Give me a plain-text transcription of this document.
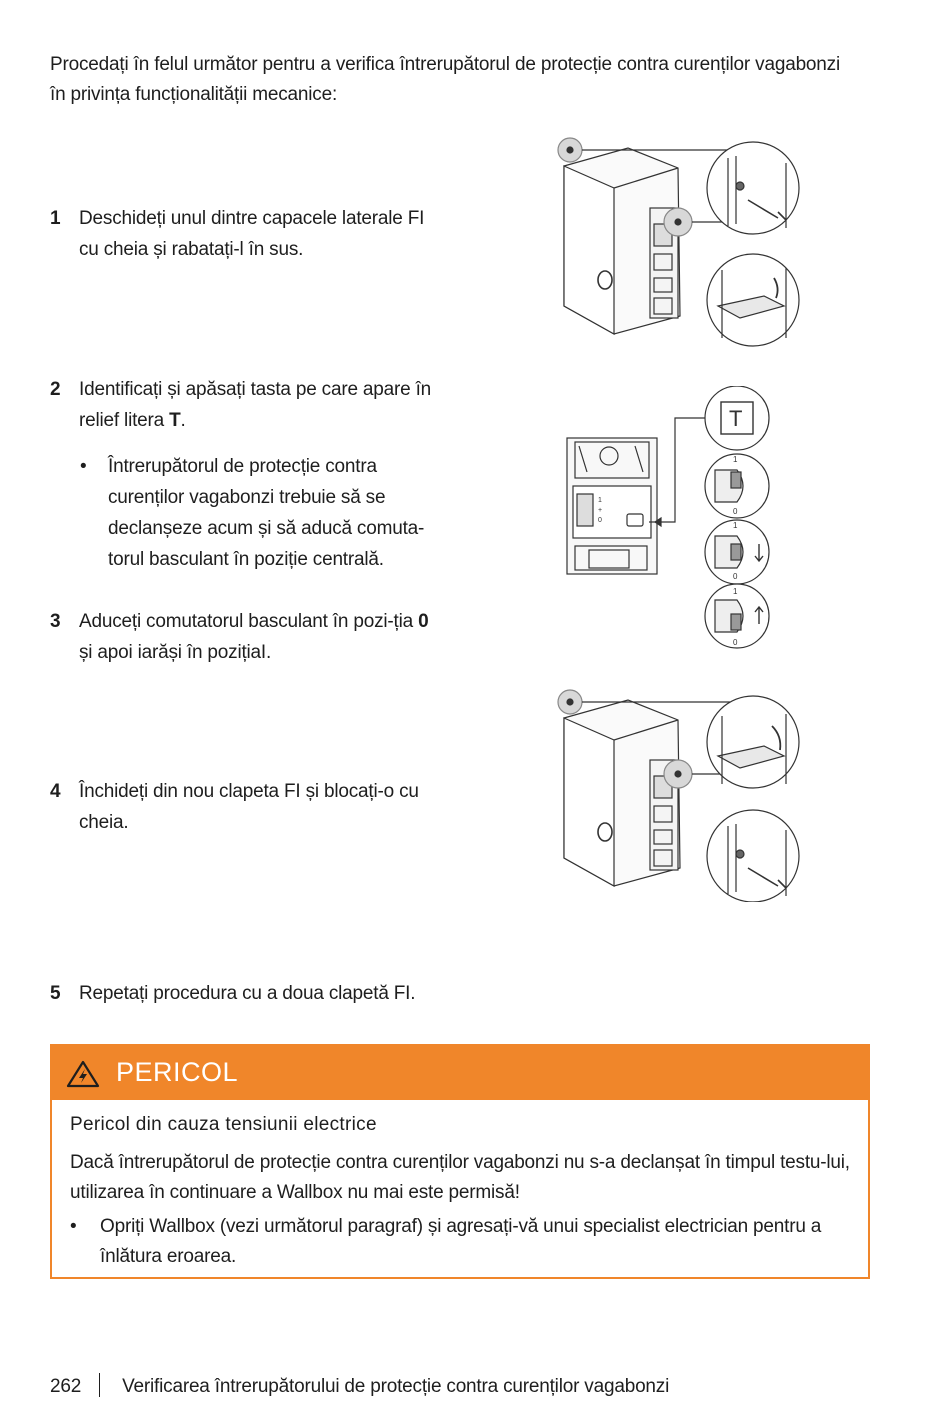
Procedați în felul următor pentru a verifica întrerupătorul de protecție contra curenților vagabonzi în privința funcționalității mecanice:
1 Deschideți unul dintre capacele laterale FI cu cheia și rabatați-l în sus.
2 Identificați și apăsați tasta pe care apare în relief litera T.
• Întrerupătorul de protecție contra curenților vagabonzi trebuie să se declanșeze acum și să aducă comuta-torul basculant în poziție centrală.
3 Aduceți comutatorul basculant în pozi-ția 0 și apoi iarăși în pozițiaI.
4 Închideți din nou clapeta FI și blocați-o cu cheia.
5 Repetați procedura cu a doua clapetă FI.
1
+
0
T
1
0
1
0
1
0
PERICOL
Pericol din cauza tensiunii electrice
Dacă întrerupătorul de protecție contra curenților vagabonzi nu s-a declanșat în timpul testu-lui, utilizarea în continuare a Wallbox nu mai este permisă!
• Opriți Wallbox (vezi următorul paragraf) și agresați-vă unui specialist electrician pentru a înlătura eroarea.
262 Verificarea întrerupătorului de protecție contra curenților vagabonzi
